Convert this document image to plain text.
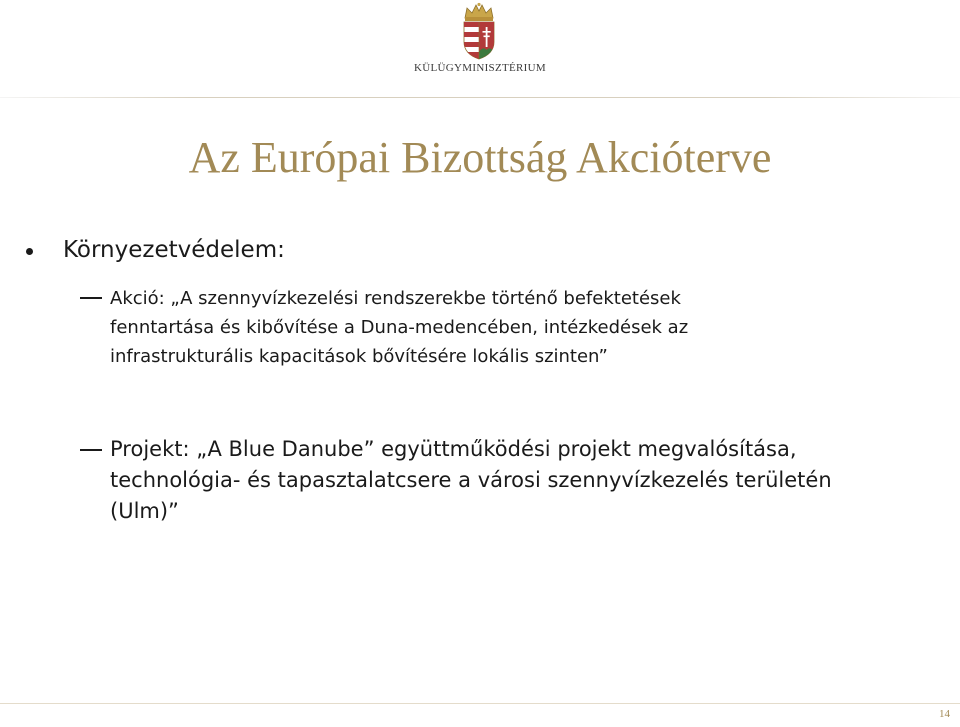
KÜLÜGYMINISZTÉRIUM
Az Európai Bizottság Akcióterve
Környezetvédelem:
Akció: „A szennyvízkezelési rendszerekbe történő befektetések
fenntartása és kibővítése a Duna-medencében, intézkedések az
infrastrukturális kapacitások bővítésére lokális szinten”
Projekt: „A Blue Danube” együttműködési projekt megvalósítása,
technológia- és tapasztalatcsere a városi szennyvízkezelés területén
(Ulm)”
14
